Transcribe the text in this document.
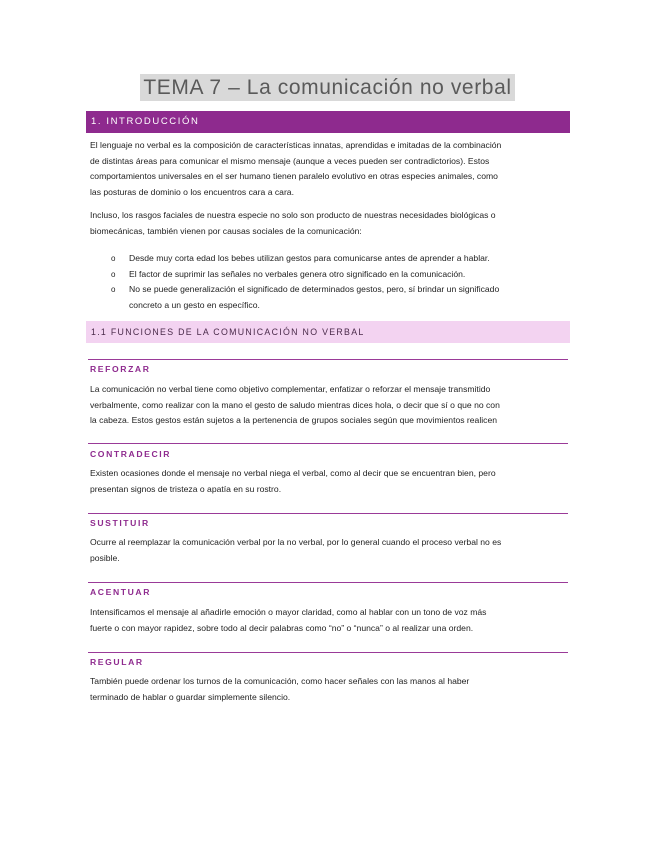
TEMA 7 – La comunicación no verbal
1. INTRODUCCIÓN

El lenguaje no verbal es la composición de características innatas, aprendidas e imitadas de la combinación

de distintas áreas para comunicar el mismo mensaje (aunque a veces pueden ser contradictorios). Estos

comportamientos universales en el ser humano tienen paralelo evolutivo en otras especies animales, como

las posturas de dominio o los encuentros cara a cara.

Incluso, los rasgos faciales de nuestra especie no solo son producto de nuestras necesidades biológicas o

biomecánicas, también vienen por causas sociales de la comunicación:

o Desde muy corta edad los bebes utilizan gestos para comunicarse antes de aprender a hablar.
o El factor de suprimir las señales no verbales genera otro significado en la comunicación.
o No se puede generalización el significado de determinados gestos, pero, sí brindar un significado
concreto a un gesto en específico.
1.1 FUNCIONES DE LA COMUNICACIÓN NO VERBAL
REFORZAR

La comunicación no verbal tiene como objetivo complementar, enfatizar o reforzar el mensaje transmitido

verbalmente, como realizar con la mano el gesto de saludo mientras dices hola, o decir que sí o que no con

la cabeza. Estos gestos están sujetos a la pertenencia de grupos sociales según que movimientos realicen

CONTRADECIR

Existen ocasiones donde el mensaje no verbal niega el verbal, como al decir que se encuentran bien, pero

presentan signos de tristeza o apatía en su rostro.

SUSTITUIR

Ocurre al reemplazar la comunicación verbal por la no verbal, por lo general cuando el proceso verbal no es

posible.

ACENTUAR

Intensificamos el mensaje al añadirle emoción o mayor claridad, como al hablar con un tono de voz más

fuerte o con mayor rapidez, sobre todo al decir palabras como “no” o “nunca” o al realizar una orden.

REGULAR

También puede ordenar los turnos de la comunicación, como hacer señales con las manos al haber

terminado de hablar o guardar simplemente silencio.
